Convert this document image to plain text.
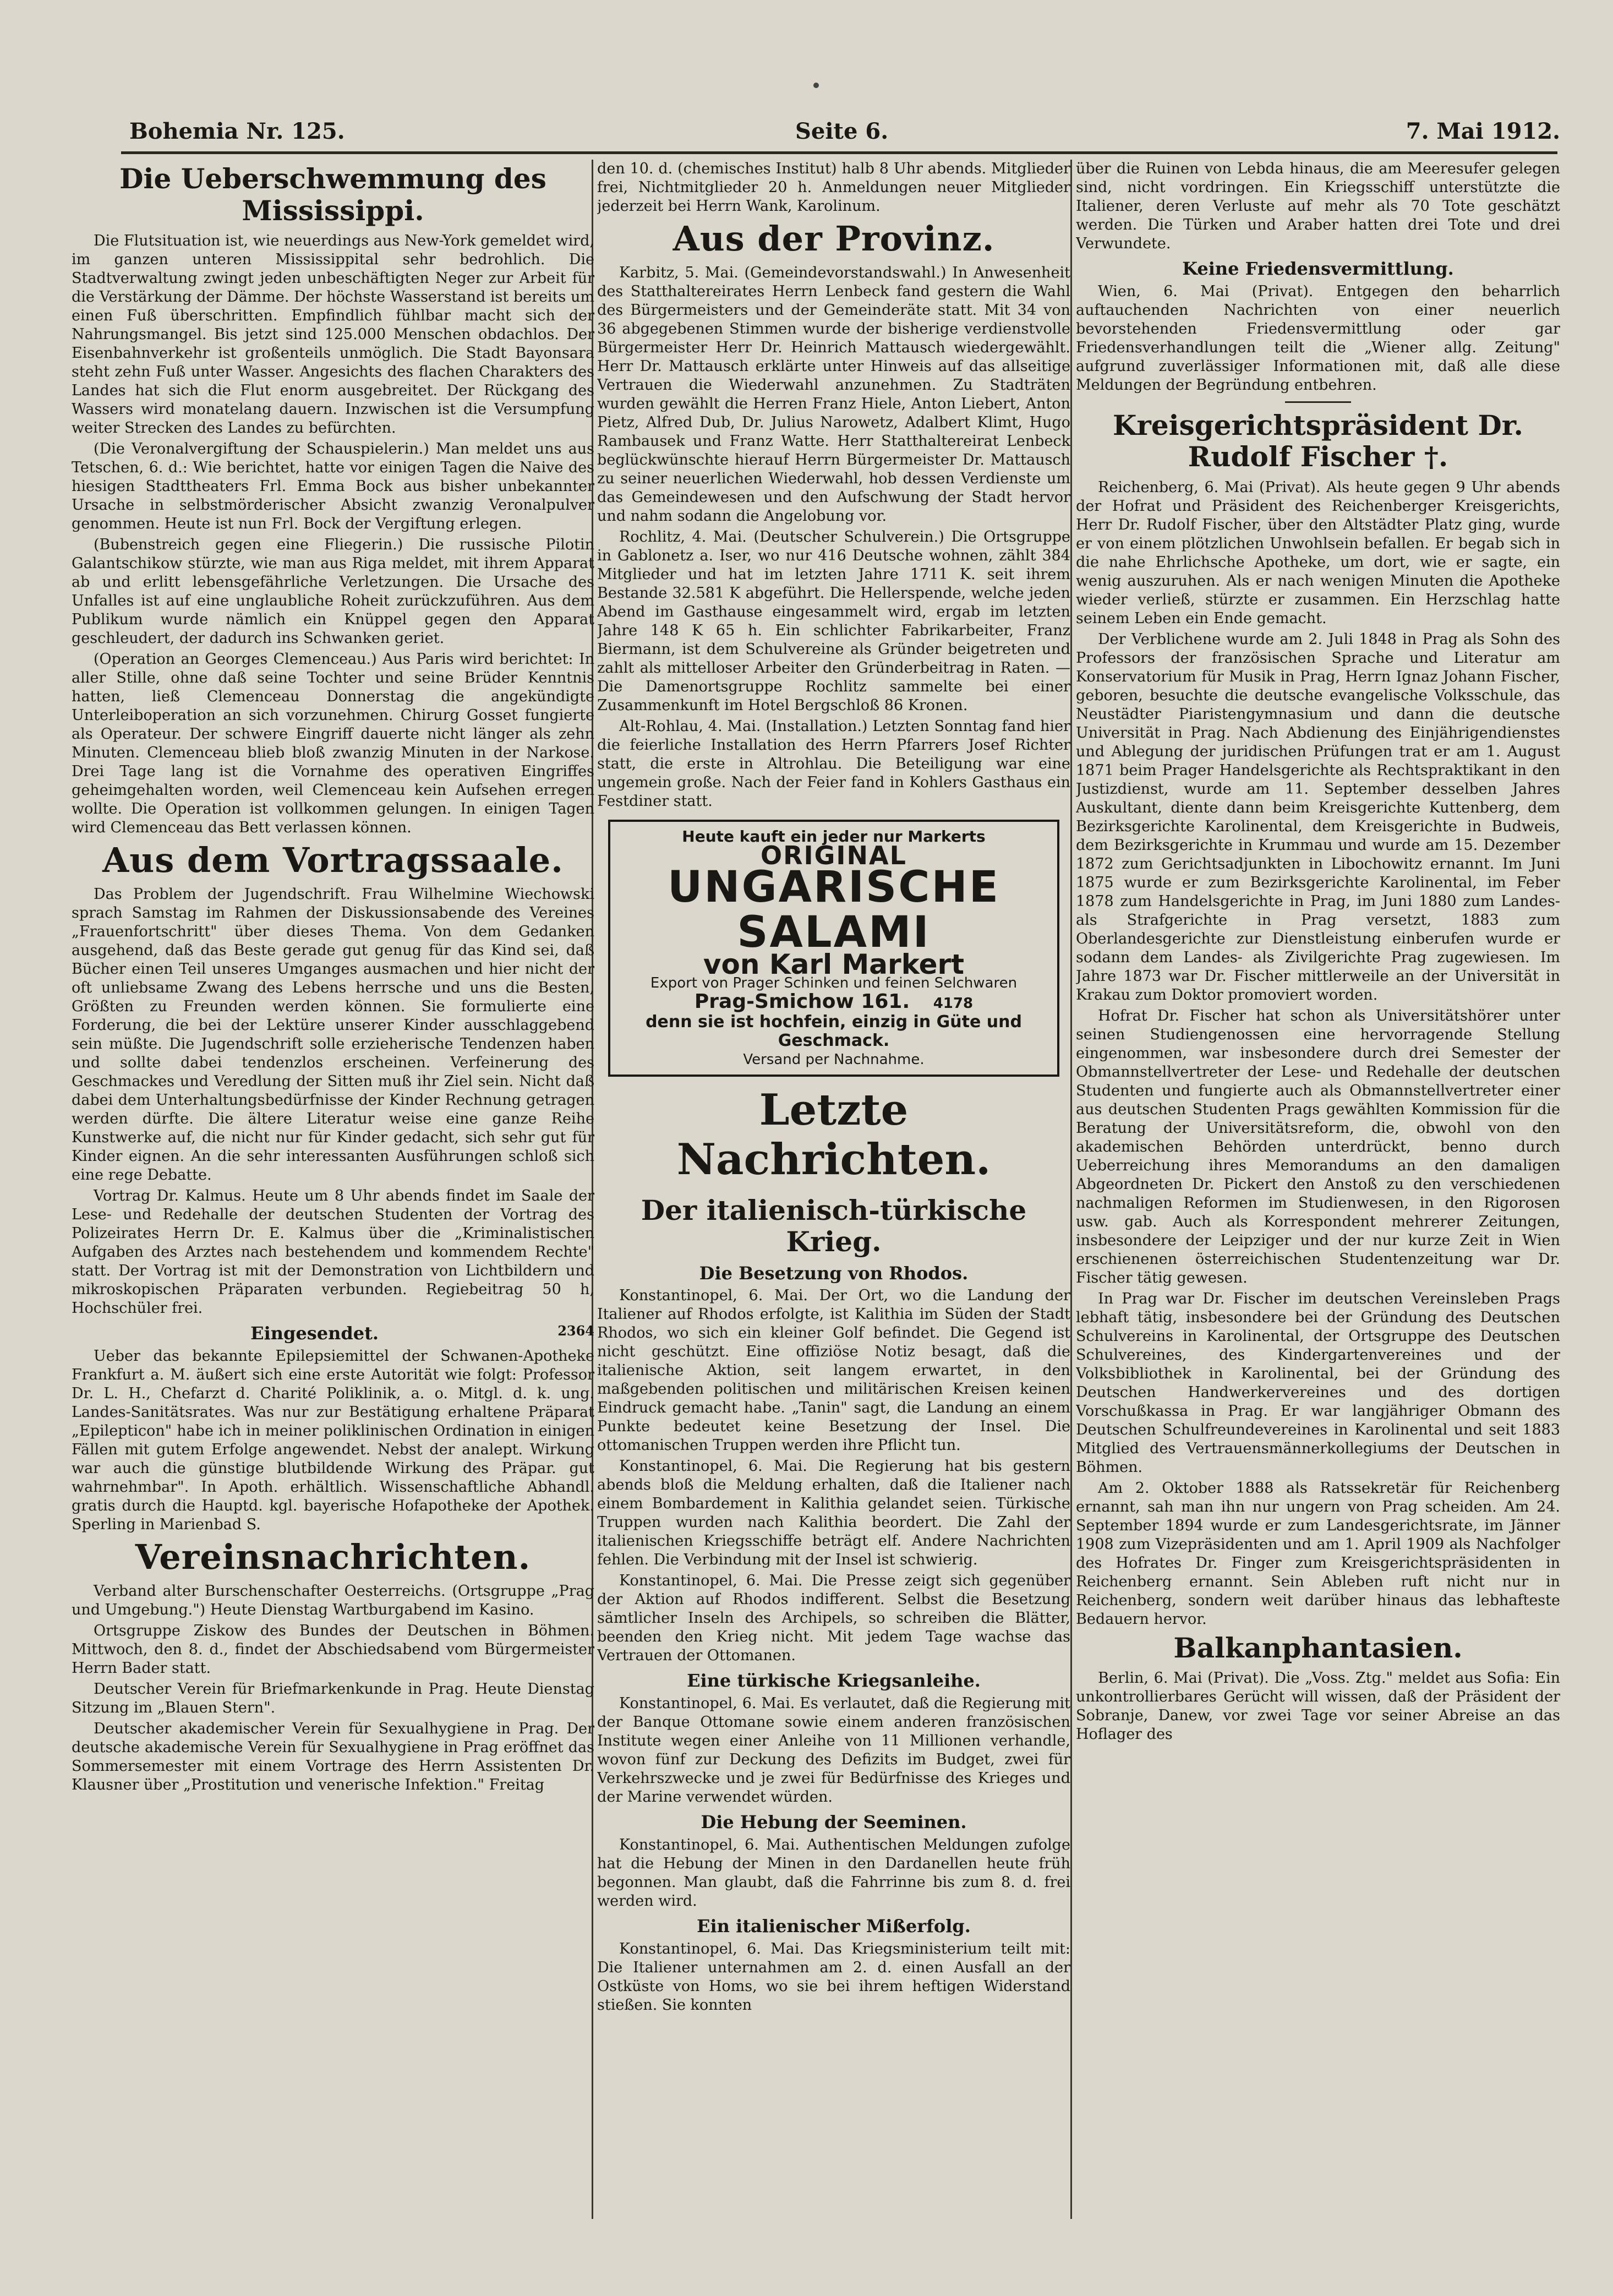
Bohemia Nr. 125.	Seite 6.	7. Mai 1912.
Die Ueberschwemmung des Mississippi.

Die Flutsituation ist, wie neuerdings aus New-York gemeldet wird, im ganzen unteren Mississippital sehr bedrohlich. Die Stadtverwaltung zwingt jeden unbeschäftigten Neger zur Arbeit für die Verstärkung der Dämme. Der höchste Wasserstand ist bereits um einen Fuß überschritten. Empfindlich fühlbar macht sich der Nahrungsmangel. Bis jetzt sind 125.000 Menschen obdachlos. Der Eisenbahnverkehr ist großenteils unmöglich. Die Stadt Bayonsara steht zehn Fuß unter Wasser. Angesichts des flachen Charakters des Landes hat sich die Flut enorm ausgebreitet. Der Rückgang des Wassers wird monatelang dauern. Inzwischen ist die Versumpfung weiter Strecken des Landes zu befürchten.

(Die Veronalvergiftung der Schauspielerin.) Man meldet uns aus Tetschen, 6. d.: Wie berichtet, hatte vor einigen Tagen die Naive des hiesigen Stadttheaters Frl. Emma Bock aus bisher unbekannter Ursache in selbstmörderischer Absicht zwanzig Veronalpulver genommen. Heute ist nun Frl. Bock der Vergiftung erlegen.

(Bubenstreich gegen eine Fliegerin.) Die russische Pilotin Galantschikow stürzte, wie man aus Riga meldet, mit ihrem Apparat ab und erlitt lebensgefährliche Verletzungen. Die Ursache des Unfalles ist auf eine unglaubliche Roheit zurückzuführen. Aus dem Publikum wurde nämlich ein Knüppel gegen den Apparat geschleudert, der dadurch ins Schwanken geriet.

(Operation an Georges Clemenceau.) Aus Paris wird berichtet: In aller Stille, ohne daß seine Tochter und seine Brüder Kenntnis hatten, ließ Clemenceau Donnerstag die angekündigte Unterleiboperation an sich vorzunehmen. Chirurg Gosset fungierte als Operateur. Der schwere Eingriff dauerte nicht länger als zehn Minuten. Clemenceau blieb bloß zwanzig Minuten in der Narkose. Drei Tage lang ist die Vornahme des operativen Eingriffes geheimgehalten worden, weil Clemenceau kein Aufsehen erregen wollte. Die Operation ist vollkommen gelungen. In einigen Tagen wird Clemenceau das Bett verlassen können.

Aus dem Vortragssaale.

Das Problem der Jugendschrift. Frau Wilhelmine Wiechowski sprach Samstag im Rahmen der Diskussionsabende des Vereines „Frauenfortschritt" über dieses Thema. Von dem Gedanken ausgehend, daß das Beste gerade gut genug für das Kind sei, daß Bücher einen Teil unseres Umganges ausmachen und hier nicht der oft unliebsame Zwang des Lebens herrsche und uns die Besten, Größten zu Freunden werden können. Sie formulierte eine Forderung, die bei der Lektüre unserer Kinder ausschlaggebend sein müßte. Die Jugendschrift solle erzieherische Tendenzen haben und sollte dabei tendenzlos erscheinen. Verfeinerung des Geschmackes und Veredlung der Sitten muß ihr Ziel sein. Nicht daß dabei dem Unterhaltungsbedürfnisse der Kinder Rechnung getragen werden dürfte. Die ältere Literatur weise eine ganze Reihe Kunstwerke auf, die nicht nur für Kinder gedacht, sich sehr gut für Kinder eignen. An die sehr interessanten Ausführungen schloß sich eine rege Debatte.

Vortrag Dr. Kalmus. Heute um 8 Uhr abends findet im Saale der Lese- und Redehalle der deutschen Studenten der Vortrag des Polizeirates Herrn Dr. E. Kalmus über die „Kriminalistischen Aufgaben des Arztes nach bestehendem und kommendem Rechte" statt. Der Vortrag ist mit der Demonstration von Lichtbildern und mikroskopischen Präparaten verbunden. Regiebeitrag 50 h, Hochschüler frei.

Eingesendet.	2364

Ueber das bekannte Epilepsiemittel der Schwanen-Apotheke Frankfurt a. M. äußert sich eine erste Autorität wie folgt: Professor Dr. L. H., Chefarzt d. Charité Poliklinik, a. o. Mitgl. d. k. ung. Landes-Sanitätsrates. Was nur zur Bestätigung erhaltene Präparat „Epilepticon" habe ich in meiner poliklinischen Ordination in einigen Fällen mit gutem Erfolge angewendet. Nebst der analept. Wirkung war auch die günstige blutbildende Wirkung des Präpar. gut wahrnehmbar". In Apoth. erhältlich. Wissenschaftliche Abhandl. gratis durch die Hauptd. kgl. bayerische Hofapotheke der Apothek. Sperling in Marienbad S.

Vereinsnachrichten.

Verband alter Burschenschafter Oesterreichs. (Ortsgruppe „Prag und Umgebung.") Heute Dienstag Wartburgabend im Kasino.

Ortsgruppe Ziskow des Bundes der Deutschen in Böhmen. Mittwoch, den 8. d., findet der Abschiedsabend vom Bürgermeister Herrn Bader statt.

Deutscher Verein für Briefmarkenkunde in Prag. Heute Dienstag Sitzung im „Blauen Stern".

Deutscher akademischer Verein für Sexualhygiene in Prag. Der deutsche akademische Verein für Sexualhygiene in Prag eröffnet das Sommersemester mit einem Vortrage des Herrn Assistenten Dr. Klausner über „Prostitution und venerische Infektion." Freitag

den 10. d. (chemisches Institut) halb 8 Uhr abends. Mitglieder frei, Nichtmitglieder 20 h. Anmeldungen neuer Mitglieder jederzeit bei Herrn Wank, Karolinum.

Aus der Provinz.

Karbitz, 5. Mai. (Gemeindevorstandswahl.) In Anwesenheit des Statthaltereirates Herrn Lenbeck fand gestern die Wahl des Bürgermeisters und der Gemeinderäte statt. Mit 34 von 36 abgegebenen Stimmen wurde der bisherige verdienstvolle Bürgermeister Herr Dr. Heinrich Mattausch wiedergewählt. Herr Dr. Mattausch erklärte unter Hinweis auf das allseitige Vertrauen die Wiederwahl anzunehmen. Zu Stadträten wurden gewählt die Herren Franz Hiele, Anton Liebert, Anton Pietz, Alfred Dub, Dr. Julius Narowetz, Adalbert Klimt, Hugo Rambausek und Franz Watte. Herr Statthaltereirat Lenbeck beglückwünschte hierauf Herrn Bürgermeister Dr. Mattausch zu seiner neuerlichen Wiederwahl, hob dessen Verdienste um das Gemeindewesen und den Aufschwung der Stadt hervor und nahm sodann die Angelobung vor.

Rochlitz, 4. Mai. (Deutscher Schulverein.) Die Ortsgruppe in Gablonetz a. Iser, wo nur 416 Deutsche wohnen, zählt 384 Mitglieder und hat im letzten Jahre 1711 K. seit ihrem Bestande 32.581 K abgeführt. Die Hellerspende, welche jeden Abend im Gasthause eingesammelt wird, ergab im letzten Jahre 148 K 65 h. Ein schlichter Fabrikarbeiter, Franz Biermann, ist dem Schulvereine als Gründer beigetreten und zahlt als mittelloser Arbeiter den Gründerbeitrag in Raten. — Die Damenortsgruppe Rochlitz sammelte bei einer Zusammenkunft im Hotel Bergschloß 86 Kronen.

Alt-Rohlau, 4. Mai. (Installation.) Letzten Sonntag fand hier die feierliche Installation des Herrn Pfarrers Josef Richter statt, die erste in Altrohlau. Die Beteiligung war eine ungemein große. Nach der Feier fand in Kohlers Gasthaus ein Festdiner statt.

Heute kauft ein jeder nur Markerts
ORIGINAL
UNGARISCHE SALAMI
von Karl Markert
Export von Prager Schinken und feinen Selchwaren
Prag-Smichow 161. 4178
denn sie ist hochfein, einzig in Güte und Geschmack.
Versand per Nachnahme.
Letzte Nachrichten.
Der italienisch-türkische Krieg.
Die Besetzung von Rhodos.

Konstantinopel, 6. Mai. Der Ort, wo die Landung der Italiener auf Rhodos erfolgte, ist Kalithia im Süden der Stadt Rhodos, wo sich ein kleiner Golf befindet. Die Gegend ist nicht geschützt. Eine offiziöse Notiz besagt, daß die italienische Aktion, seit langem erwartet, in den maßgebenden politischen und militärischen Kreisen keinen Eindruck gemacht habe. „Tanin" sagt, die Landung an einem Punkte bedeutet keine Besetzung der Insel. Die ottomanischen Truppen werden ihre Pflicht tun.

Konstantinopel, 6. Mai. Die Regierung hat bis gestern abends bloß die Meldung erhalten, daß die Italiener nach einem Bombardement in Kalithia gelandet seien. Türkische Truppen wurden nach Kalithia beordert. Die Zahl der italienischen Kriegsschiffe beträgt elf. Andere Nachrichten fehlen. Die Verbindung mit der Insel ist schwierig.

Konstantinopel, 6. Mai. Die Presse zeigt sich gegenüber der Aktion auf Rhodos indifferent. Selbst die Besetzung sämtlicher Inseln des Archipels, so schreiben die Blätter, beenden den Krieg nicht. Mit jedem Tage wachse das Vertrauen der Ottomanen.

Eine türkische Kriegsanleihe.

Konstantinopel, 6. Mai. Es verlautet, daß die Regierung mit der Banque Ottomane sowie einem anderen französischen Institute wegen einer Anleihe von 11 Millionen verhandle, wovon fünf zur Deckung des Defizits im Budget, zwei für Verkehrszwecke und je zwei für Bedürfnisse des Krieges und der Marine verwendet würden.

Die Hebung der Seeminen.

Konstantinopel, 6. Mai. Authentischen Meldungen zufolge hat die Hebung der Minen in den Dardanellen heute früh begonnen. Man glaubt, daß die Fahrrinne bis zum 8. d. frei werden wird.

Ein italienischer Mißerfolg.

Konstantinopel, 6. Mai. Das Kriegsministerium teilt mit: Die Italiener unternahmen am 2. d. einen Ausfall an der Ostküste von Homs, wo sie bei ihrem heftigen Widerstand stießen. Sie konnten

über die Ruinen von Lebda hinaus, die am Meeresufer gelegen sind, nicht vordringen. Ein Kriegsschiff unterstützte die Italiener, deren Verluste auf mehr als 70 Tote geschätzt werden. Die Türken und Araber hatten drei Tote und drei Verwundete.

Keine Friedensvermittlung.

Wien, 6. Mai (Privat). Entgegen den beharrlich auftauchenden Nachrichten von einer neuerlich bevorstehenden Friedensvermittlung oder gar Friedensverhandlungen teilt die „Wiener allg. Zeitung" aufgrund zuverlässiger Informationen mit, daß alle diese Meldungen der Begründung entbehren.

Kreisgerichtspräsident Dr. Rudolf Fischer †.

Reichenberg, 6. Mai (Privat). Als heute gegen 9 Uhr abends der Hofrat und Präsident des Reichenberger Kreisgerichts, Herr Dr. Rudolf Fischer, über den Altstädter Platz ging, wurde er von einem plötzlichen Unwohlsein befallen. Er begab sich in die nahe Ehrlichsche Apotheke, um dort, wie er sagte, ein wenig auszuruhen. Als er nach wenigen Minuten die Apotheke wieder verließ, stürzte er zusammen. Ein Herzschlag hatte seinem Leben ein Ende gemacht.

Der Verblichene wurde am 2. Juli 1848 in Prag als Sohn des Professors der französischen Sprache und Literatur am Konservatorium für Musik in Prag, Herrn Ignaz Johann Fischer, geboren, besuchte die deutsche evangelische Volksschule, das Neustädter Piaristengymnasium und dann die deutsche Universität in Prag. Nach Abdienung des Einjährigendienstes und Ablegung der juridischen Prüfungen trat er am 1. August 1871 beim Prager Handelsgerichte als Rechtspraktikant in den Justizdienst, wurde am 11. September desselben Jahres Auskultant, diente dann beim Kreisgerichte Kuttenberg, dem Bezirksgerichte Karolinental, dem Kreisgerichte in Budweis, dem Bezirksgerichte in Krummau und wurde am 15. Dezember 1872 zum Gerichtsadjunkten in Libochowitz ernannt. Im Juni 1875 wurde er zum Bezirksgerichte Karolinental, im Feber 1878 zum Handelsgerichte in Prag, im Juni 1880 zum Landes- als Strafgerichte in Prag versetzt, 1883 zum Oberlandesgerichte zur Dienstleistung einberufen wurde er sodann dem Landes- als Zivilgerichte Prag zugewiesen. Im Jahre 1873 war Dr. Fischer mittlerweile an der Universität in Krakau zum Doktor promoviert worden.

Hofrat Dr. Fischer hat schon als Universitätshörer unter seinen Studiengenossen eine hervorragende Stellung eingenommen, war insbesondere durch drei Semester der Obmannstellvertreter der Lese- und Redehalle der deutschen Studenten und fungierte auch als Obmannstellvertreter einer aus deutschen Studenten Prags gewählten Kommission für die Beratung der Universitätsreform, die, obwohl von den akademischen Behörden unterdrückt, benno durch Ueberreichung ihres Memorandums an den damaligen Abgeordneten Dr. Pickert den Anstoß zu den verschiedenen nachmaligen Reformen im Studienwesen, in den Rigorosen usw. gab. Auch als Korrespondent mehrerer Zeitungen, insbesondere der Leipziger und der nur kurze Zeit in Wien erschienenen österreichischen Studentenzeitung war Dr. Fischer tätig gewesen.

In Prag war Dr. Fischer im deutschen Vereinsleben Prags lebhaft tätig, insbesondere bei der Gründung des Deutschen Schulvereins in Karolinental, der Ortsgruppe des Deutschen Schulvereines, des Kindergartenvereines und der Volksbibliothek in Karolinental, bei der Gründung des Deutschen Handwerkervereines und des dortigen Vorschußkassa in Prag. Er war langjähriger Obmann des Deutschen Schulfreundevereines in Karolinental und seit 1883 Mitglied des Vertrauensmännerkollegiums der Deutschen in Böhmen.

Am 2. Oktober 1888 als Ratssekretär für Reichenberg ernannt, sah man ihn nur ungern von Prag scheiden. Am 24. September 1894 wurde er zum Landesgerichtsrate, im Jänner 1908 zum Vizepräsidenten und am 1. April 1909 als Nachfolger des Hofrates Dr. Finger zum Kreisgerichtspräsidenten in Reichenberg ernannt. Sein Ableben ruft nicht nur in Reichenberg, sondern weit darüber hinaus das lebhafteste Bedauern hervor.

Balkanphantasien.

Berlin, 6. Mai (Privat). Die „Voss. Ztg." meldet aus Sofia: Ein unkontrollierbares Gerücht will wissen, daß der Präsident der Sobranje, Danew, vor zwei Tage vor seiner Abreise an das Hoflager des
